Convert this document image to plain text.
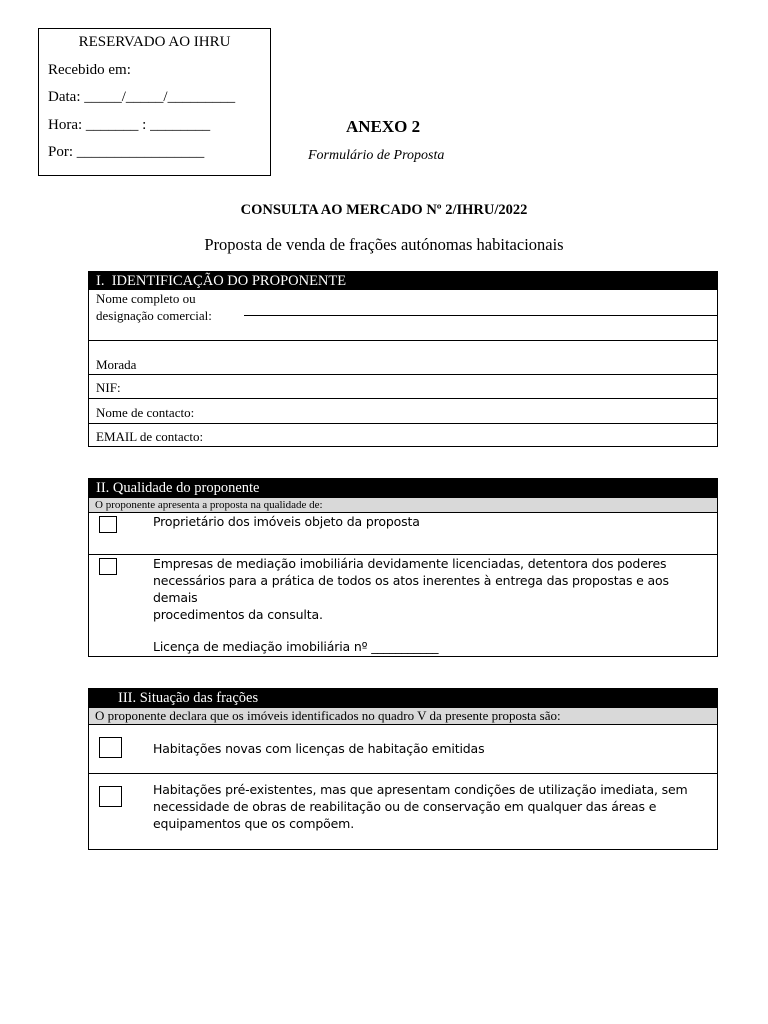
RESERVADO AO IHRU
Recebido em:
Data: _____/_____/_________
Hora: _______ : ________
Por: _________________
ANEXO 2
Formulário de Proposta
CONSULTA AO MERCADO Nº 2/IHRU/2022
Proposta de venda de frações autónomas habitacionais
I.  IDENTIFICAÇÃO DO PROPONENTE
Nome completo ou
designação comercial:
Morada
NIF:
Nome de contacto:
EMAIL de contacto:
II. Qualidade do proponente
O proponente apresenta a proposta na qualidade de:

Proprietário dos imóveis objeto da proposta

Empresas de mediação imobiliária devidamente licenciadas, detentora dos poderes

necessários para a prática de todos os atos inerentes à entrega das propostas e aos demais

procedimentos da consulta.

Licença de mediação imobiliária nº ___________

III. Situação das frações
O proponente declara que os imóveis identificados no quadro V da presente proposta são:

Habitações novas com licenças de habitação emitidas

Habitações pré-existentes, mas que apresentam condições de utilização imediata, sem

necessidade de obras de reabilitação ou de conservação em qualquer das áreas e

equipamentos que os compõem.
